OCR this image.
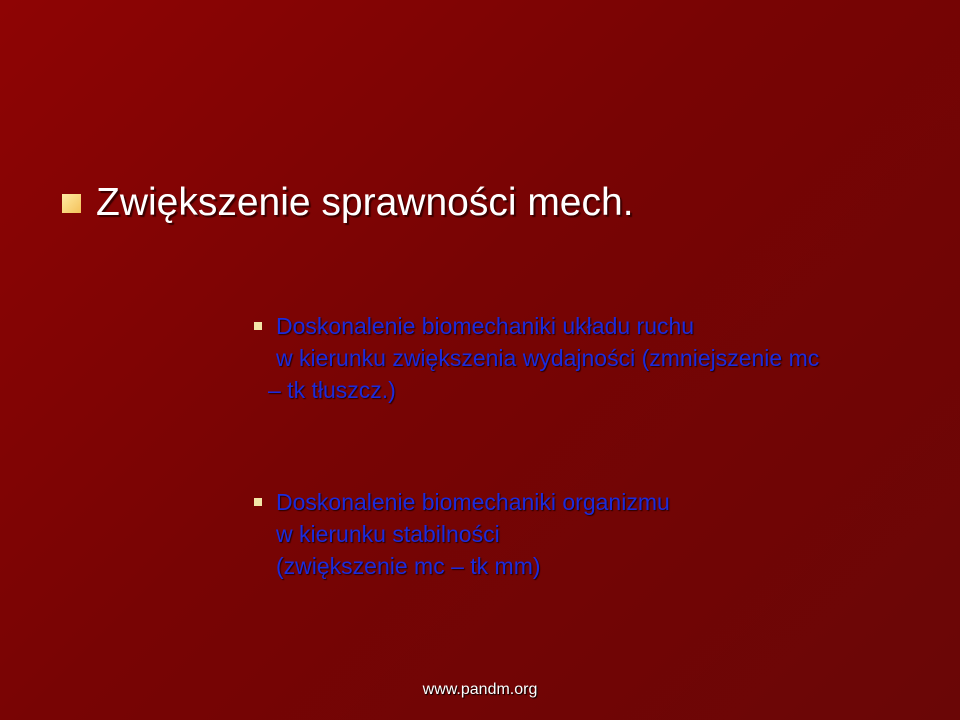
Zwiększenie sprawności mech.
Doskonalenie biomechaniki układu ruchu
w kierunku zwiększenia wydajności (zmniejszenie mc
– tk tłuszcz.)
Doskonalenie biomechaniki organizmu
w kierunku stabilności
(zwiększenie mc – tk mm)
www.pandm.org
